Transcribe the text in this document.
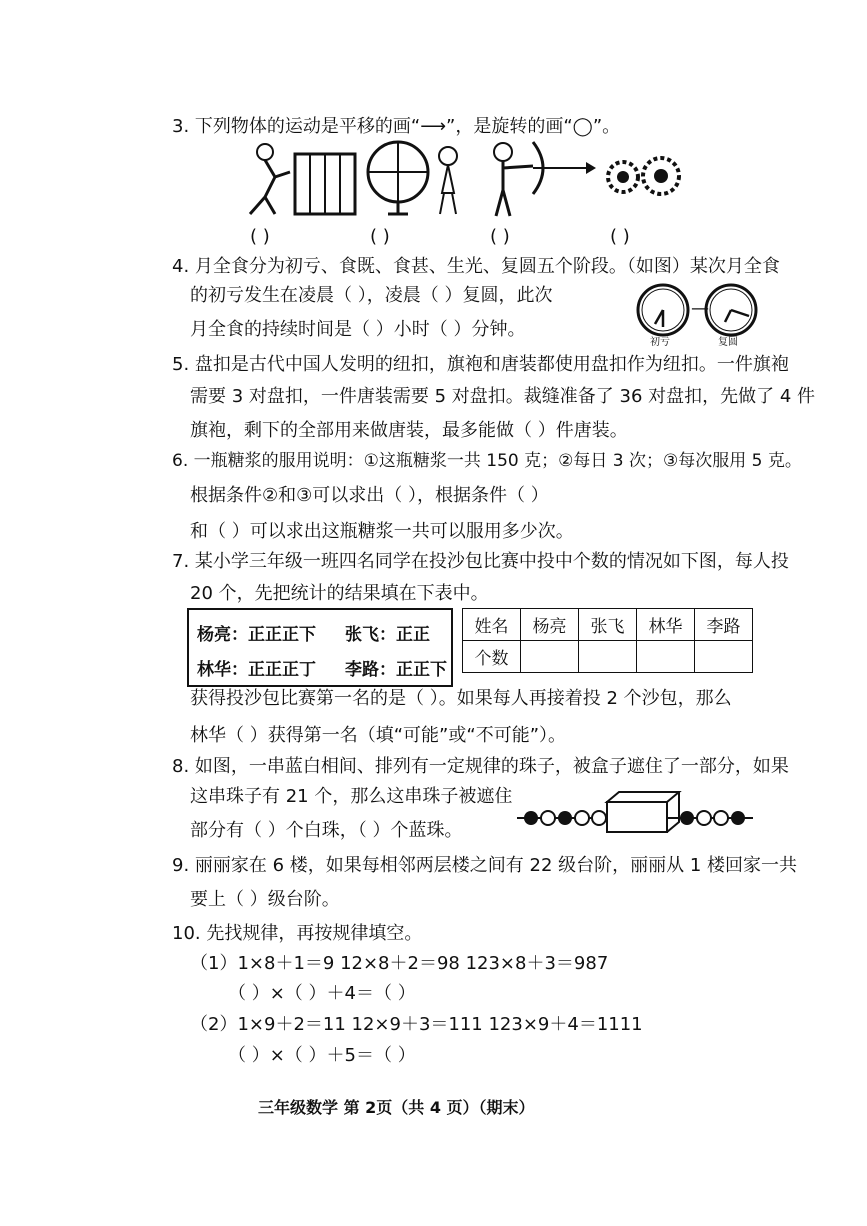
3. 下列物体的运动是平移的画“⟶”，是旋转的画“◯”。
( )	( )	( )	( )
4. 月全食分为初亏、食既、食甚、生光、复圆五个阶段。（如图）某次月全食
的初亏发生在凌晨（ ），凌晨（ ）复圆，此次
月全食的持续时间是（ ）小时（ ）分钟。
—
初亏	复圆
5. 盘扣是古代中国人发明的纽扣，旗袍和唐装都使用盘扣作为纽扣。一件旗袍
需要 3 对盘扣，一件唐装需要 5 对盘扣。裁缝准备了 36 对盘扣，先做了 4 件
旗袍，剩下的全部用来做唐装，最多能做（ ）件唐装。
6. 一瓶糖浆的服用说明：①这瓶糖浆一共 150 克；②每日 3 次；③每次服用 5 克。
根据条件②和③可以求出（ ），根据条件（ ）
和（ ）可以求出这瓶糖浆一共可以服用多少次。
7. 某小学三年级一班四名同学在投沙包比赛中投中个数的情况如下图，每人投
20 个，先把统计的结果填在下表中。
杨亮：正正正下 张飞：正正
林华：正正正丁 李路：正正下
姓名	杨亮	张飞	林华	李路
个数				
获得投沙包比赛第一名的是（ ）。如果每人再接着投 2 个沙包，那么
林华（ ）获得第一名（填“可能”或“不可能”）。
8. 如图，一串蓝白相间、排列有一定规律的珠子，被盒子遮住了一部分，如果
这串珠子有 21 个，那么这串珠子被遮住
部分有（ ）个白珠，（ ）个蓝珠。
9. 丽丽家在 6 楼，如果每相邻两层楼之间有 22 级台阶，丽丽从 1 楼回家一共
要上（ ）级台阶。
10. 先找规律，再按规律填空。
（1）1×8＋1＝9 12×8＋2＝98 123×8＋3＝987
（ ）×（ ）＋4＝（ ）
（2）1×9＋2＝11 12×9＋3＝111 123×9＋4＝1111
（ ）×（ ）＋5＝（ ）
三年级数学 第 2页（共 4 页）（期末）
